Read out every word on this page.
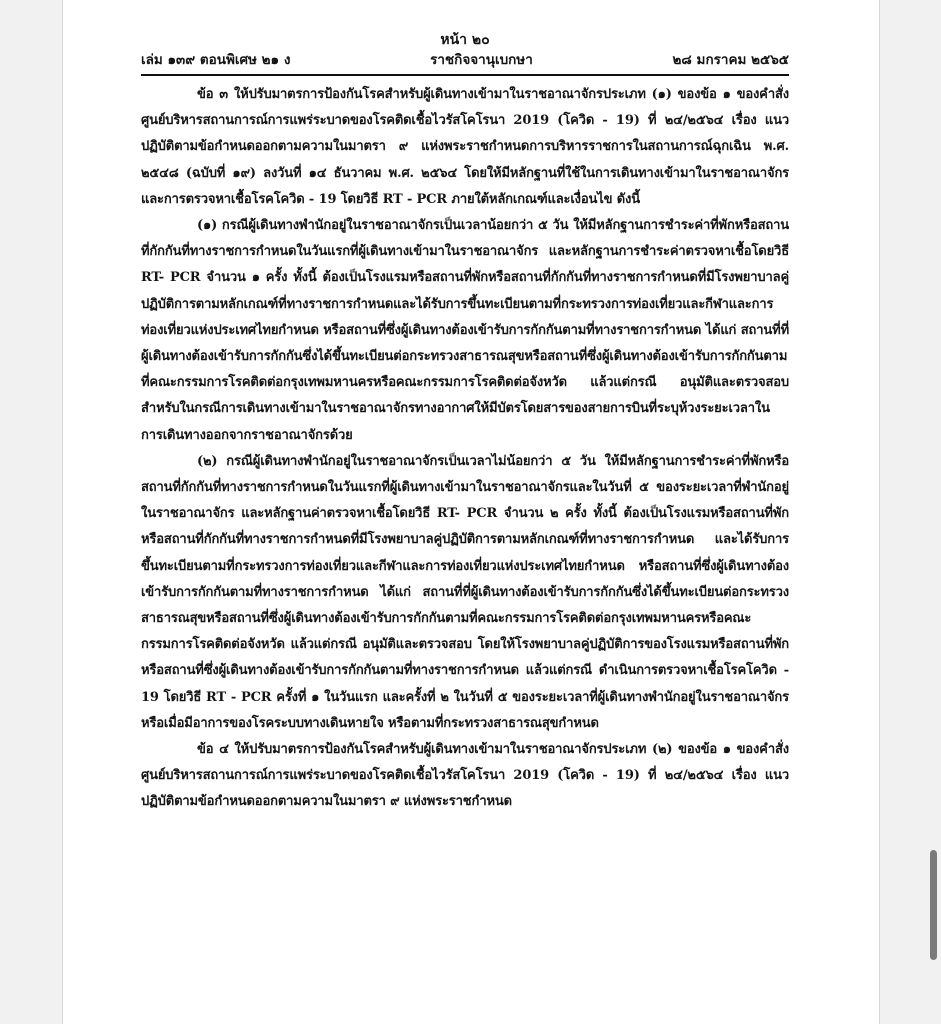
หน้า ๒๐
เล่ม ๑๓๙ ตอนพิเศษ ๒๑ ง	ราชกิจจานุเบกษา	๒๘ มกราคม ๒๕๖๕

ข้อ ๓ ให้ปรับมาตรการป้องกันโรคสำหรับผู้เดินทางเข้ามาในราชอาณาจักรประเภท (๑) ของข้อ ๑ ของคำสั่งศูนย์บริหารสถานการณ์การแพร่ระบาดของโรคติดเชื้อไวรัสโคโรนา 2019 (โควิด - 19) ที่ ๒๔/๒๕๖๔ เรื่อง แนวปฏิบัติตามข้อกำหนดออกตามความในมาตรา ๙ แห่งพระราชกำหนดการบริหารราชการในสถานการณ์ฉุกเฉิน พ.ศ. ๒๕๔๘ (ฉบับที่ ๑๙) ลงวันที่ ๑๔ ธันวาคม พ.ศ. ๒๕๖๔ โดยให้มีหลักฐานที่ใช้ในการเดินทางเข้ามาในราชอาณาจักร และการตรวจหาเชื้อโรคโควิด - 19 โดยวิธี RT - PCR ภายใต้หลักเกณฑ์และเงื่อนไข ดังนี้

(๑) กรณีผู้เดินทางพำนักอยู่ในราชอาณาจักรเป็นเวลาน้อยกว่า ๕ วัน ให้มีหลักฐานการชำระค่าที่พักหรือสถานที่กักกันที่ทางราชการกำหนดในวันแรกที่ผู้เดินทางเข้ามาในราชอาณาจักร และหลักฐานการชำระค่าตรวจหาเชื้อโดยวิธี RT- PCR จำนวน ๑ ครั้ง ทั้งนี้ ต้องเป็นโรงแรมหรือสถานที่พักหรือสถานที่กักกันที่ทางราชการกำหนดที่มีโรงพยาบาลคู่ปฏิบัติการตามหลักเกณฑ์ที่ทางราชการกำหนดและได้รับการขึ้นทะเบียนตามที่กระทรวงการท่องเที่ยวและกีฬาและการท่องเที่ยวแห่งประเทศไทยกำหนด หรือสถานที่ซึ่งผู้เดินทางต้องเข้ารับการกักกันตามที่ทางราชการกำหนด ได้แก่ สถานที่ที่ผู้เดินทางต้องเข้ารับการกักกันซึ่งได้ขึ้นทะเบียนต่อกระทรวงสาธารณสุขหรือสถานที่ซึ่งผู้เดินทางต้องเข้ารับการกักกันตามที่คณะกรรมการโรคติดต่อกรุงเทพมหานครหรือคณะกรรมการโรคติดต่อจังหวัด แล้วแต่กรณี อนุมัติและตรวจสอบ สำหรับในกรณีการเดินทางเข้ามาในราชอาณาจักรทางอากาศให้มีบัตรโดยสารของสายการบินที่ระบุห้วงระยะเวลาในการเดินทางออกจากราชอาณาจักรด้วย

(๒) กรณีผู้เดินทางพำนักอยู่ในราชอาณาจักรเป็นเวลาไม่น้อยกว่า ๕ วัน ให้มีหลักฐานการชำระค่าที่พักหรือสถานที่กักกันที่ทางราชการกำหนดในวันแรกที่ผู้เดินทางเข้ามาในราชอาณาจักรและในวันที่ ๕ ของระยะเวลาที่พำนักอยู่ในราชอาณาจักร และหลักฐานค่าตรวจหาเชื้อโดยวิธี RT- PCR จำนวน ๒ ครั้ง ทั้งนี้ ต้องเป็นโรงแรมหรือสถานที่พักหรือสถานที่กักกันที่ทางราชการกำหนดที่มีโรงพยาบาลคู่ปฏิบัติการตามหลักเกณฑ์ที่ทางราชการกำหนด และได้รับการขึ้นทะเบียนตามที่กระทรวงการท่องเที่ยวและกีฬาและการท่องเที่ยวแห่งประเทศไทยกำหนด หรือสถานที่ซึ่งผู้เดินทางต้องเข้ารับการกักกันตามที่ทางราชการกำหนด ได้แก่ สถานที่ที่ผู้เดินทางต้องเข้ารับการกักกันซึ่งได้ขึ้นทะเบียนต่อกระทรวงสาธารณสุขหรือสถานที่ซึ่งผู้เดินทางต้องเข้ารับการกักกันตามที่คณะกรรมการโรคติดต่อกรุงเทพมหานครหรือคณะกรรมการโรคติดต่อจังหวัด แล้วแต่กรณี อนุมัติและตรวจสอบ โดยให้โรงพยาบาลคู่ปฏิบัติการของโรงแรมหรือสถานที่พักหรือสถานที่ซึ่งผู้เดินทางต้องเข้ารับการกักกันตามที่ทางราชการกำหนด แล้วแต่กรณี ดำเนินการตรวจหาเชื้อโรคโควิด - 19 โดยวิธี RT - PCR ครั้งที่ ๑ ในวันแรก และครั้งที่ ๒ ในวันที่ ๕ ของระยะเวลาที่ผู้เดินทางพำนักอยู่ในราชอาณาจักร หรือเมื่อมีอาการของโรคระบบทางเดินหายใจ หรือตามที่กระทรวงสาธารณสุขกำหนด

ข้อ ๔ ให้ปรับมาตรการป้องกันโรคสำหรับผู้เดินทางเข้ามาในราชอาณาจักรประเภท (๒) ของข้อ ๑ ของคำสั่งศูนย์บริหารสถานการณ์การแพร่ระบาดของโรคติดเชื้อไวรัสโคโรนา 2019 (โควิด - 19) ที่ ๒๔/๒๕๖๔ เรื่อง แนวปฏิบัติตามข้อกำหนดออกตามความในมาตรา ๙ แห่งพระราชกำหนด
